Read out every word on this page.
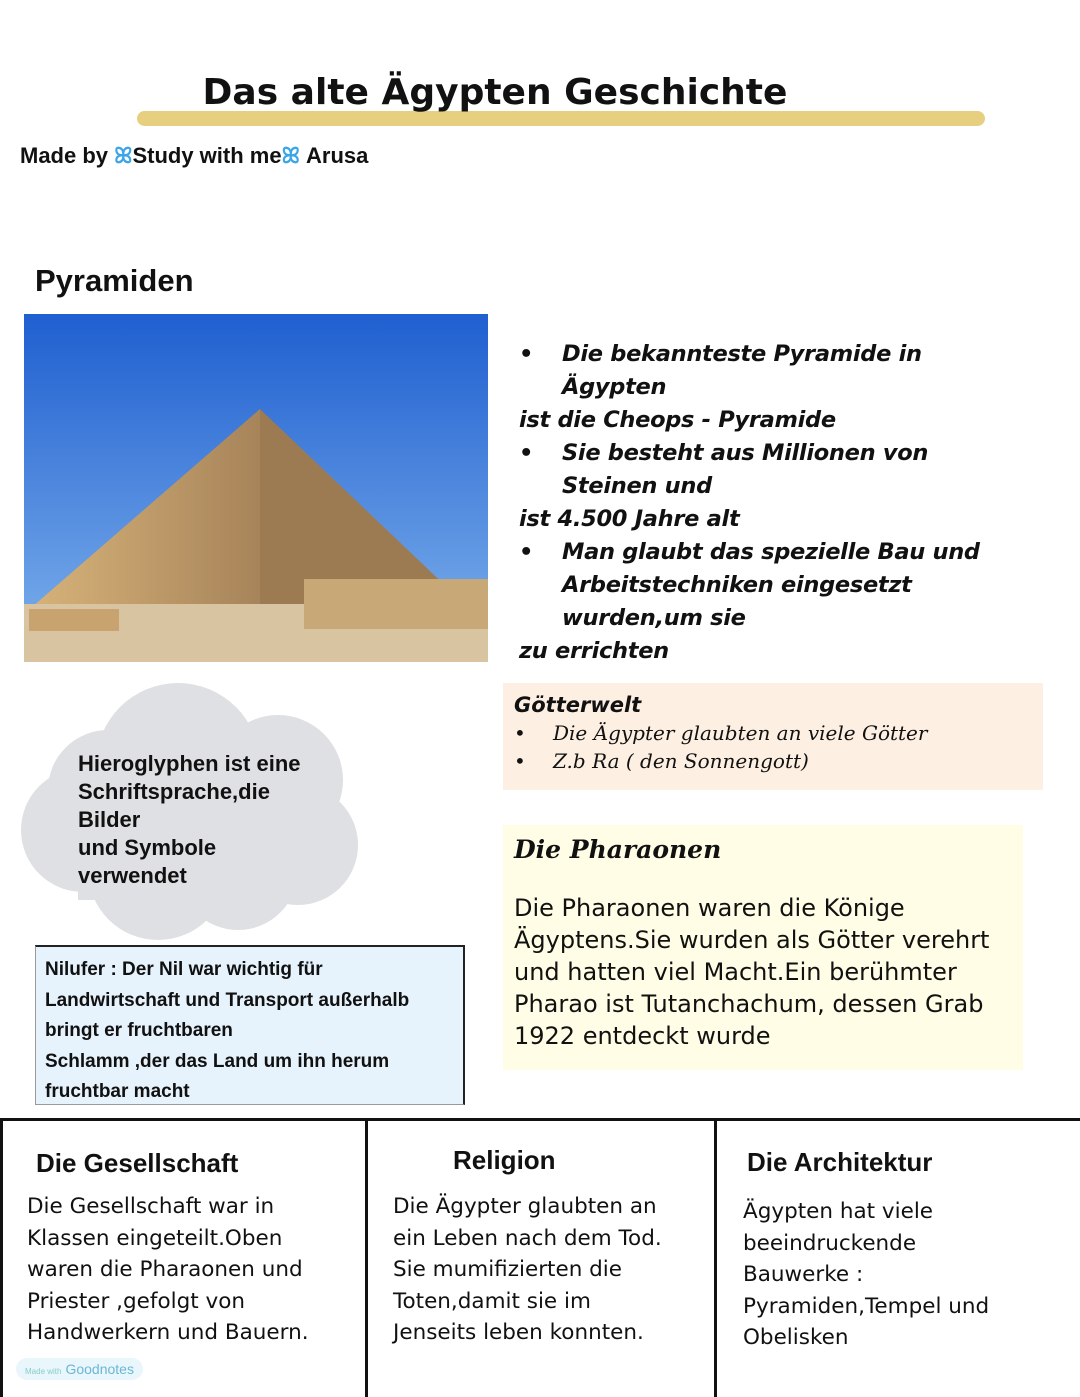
Das alte Ägypten Geschichte
Made by ꕤStudy with meꕤ Arusa
Pyramiden
• Die bekannteste Pyramide in Ägypten
ist die Cheops - Pyramide
• Sie besteht aus Millionen von Steinen und
ist 4.500 Jahre alt
• Man glaubt das spezielle Bau und Arbeitstechniken eingesetzt wurden,um sie
zu errichten
Götterwelt
• Die Ägypter glaubten an viele Götter
• Z.b Ra ( den Sonnengott)
Die Pharaonen

Die Pharaonen waren die Könige Ägyptens.Sie wurden als Götter verehrt und hatten viel Macht.Ein berühmter Pharao ist Tutanchachum, dessen Grab 1922 entdeckt wurde

Hieroglyphen ist eine
Schriftsprache,die
Bilder
und Symbole
verwendet
Nilufer : Der Nil war wichtig für
Landwirtschaft und Transport außerhalb
bringt er fruchtbaren
Schlamm ,der das Land um ihn herum
fruchtbar macht
Die Gesellschaft

Die Gesellschaft war in Klassen eingeteilt.Oben waren die Pharaonen und Priester ,gefolgt von Handwerkern und Bauern.

Religion

Die Ägypter glaubten an ein Leben nach dem Tod. Sie mumifizierten die Toten,damit sie im Jenseits leben konnten.

Die Architektur

Ägypten hat viele beeindruckende Bauwerke : Pyramiden,Tempel und Obelisken

Made with Goodnotes
